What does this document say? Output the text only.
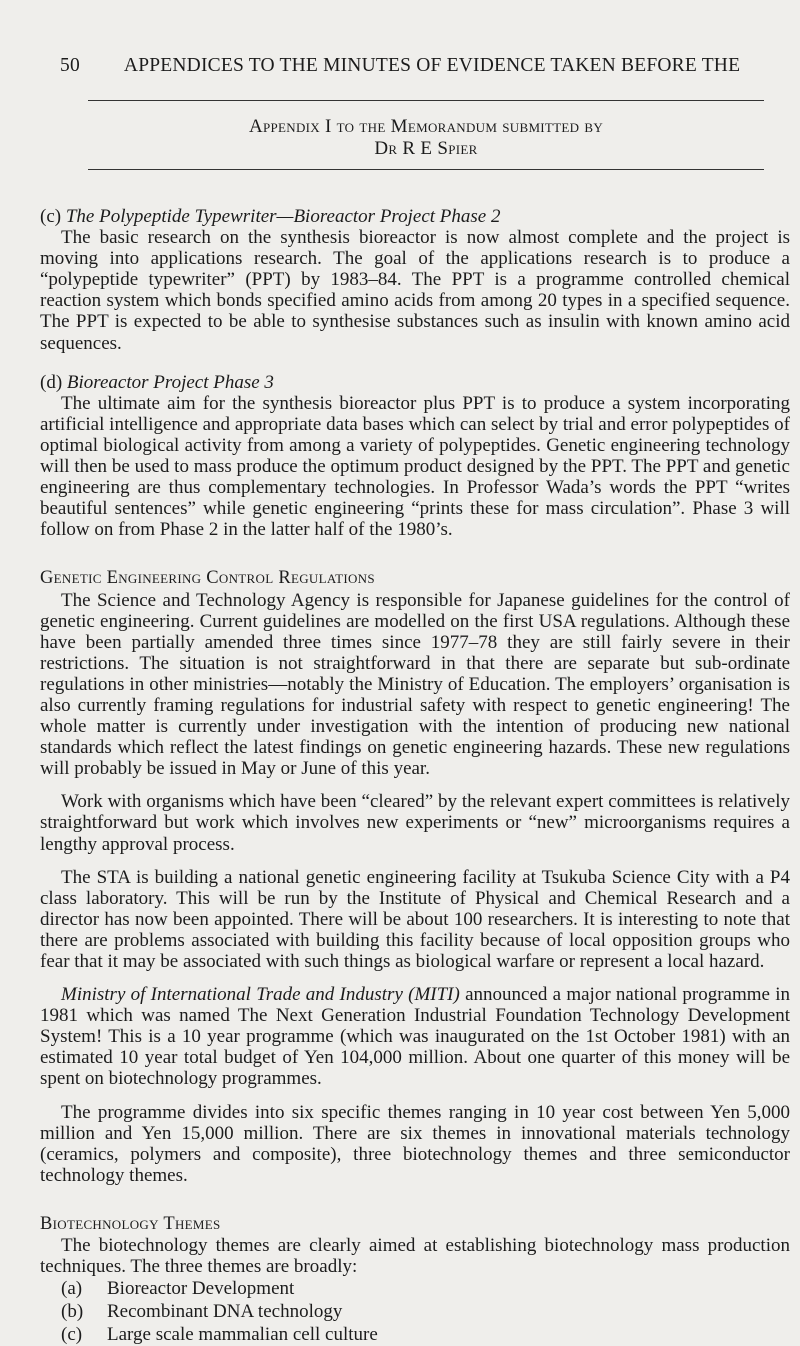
50 APPENDICES TO THE MINUTES OF EVIDENCE TAKEN BEFORE THE
Appendix I to the Memorandum submitted by
Dr R E Spier

(c) The Polypeptide Typewriter—Bioreactor Project Phase 2

The basic research on the synthesis bioreactor is now almost complete and the project is moving into applications research. The goal of the applications research is to produce a “polypeptide typewriter” (PPT) by 1983–84. The PPT is a programme controlled chemical reaction system which bonds specified amino acids from among 20 types in a specified sequence. The PPT is expected to be able to synthesise substances such as insulin with known amino acid sequences.

(d) Bioreactor Project Phase 3

The ultimate aim for the synthesis bioreactor plus PPT is to produce a system incorporating artificial intelligence and appropriate data bases which can select by trial and error polypeptides of optimal biological activity from among a variety of polypeptides. Genetic engineering technology will then be used to mass produce the optimum product designed by the PPT. The PPT and genetic engineering are thus complementary technologies. In Professor Wada’s words the PPT “writes beautiful sentences” while genetic engineering “prints these for mass circulation”. Phase 3 will follow on from Phase 2 in the latter half of the 1980’s.

Genetic Engineering Control Regulations

The Science and Technology Agency is responsible for Japanese guidelines for the control of genetic engineering. Current guidelines are modelled on the first USA regulations. Although these have been partially amended three times since 1977–78 they are still fairly severe in their restrictions. The situation is not straightforward in that there are separate but sub-ordinate regulations in other ministries—notably the Ministry of Education. The employers’ organisation is also currently framing regulations for industrial safety with respect to genetic engineering! The whole matter is currently under investigation with the intention of producing new national standards which reflect the latest findings on genetic engineering hazards. These new regulations will probably be issued in May or June of this year.

Work with organisms which have been “cleared” by the relevant expert committees is relatively straightforward but work which involves new experiments or “new” microorganisms requires a lengthy approval process.

The STA is building a national genetic engineering facility at Tsukuba Science City with a P4 class laboratory. This will be run by the Institute of Physical and Chemical Research and a director has now been appointed. There will be about 100 researchers. It is interesting to note that there are problems associated with building this facility because of local opposition groups who fear that it may be associated with such things as biological warfare or represent a local hazard.

Ministry of International Trade and Industry (MITI) announced a major national programme in 1981 which was named The Next Generation Industrial Foundation Technology Development System! This is a 10 year programme (which was inaugurated on the 1st October 1981) with an estimated 10 year total budget of Yen 104,000 million. About one quarter of this money will be spent on biotechnology programmes.

The programme divides into six specific themes ranging in 10 year cost between Yen 5,000 million and Yen 15,000 million. There are six themes in innovational materials technology (ceramics, polymers and composite), three biotechnology themes and three semiconductor technology themes.

Biotechnology Themes

The biotechnology themes are clearly aimed at establishing biotechnology mass production techniques. The three themes are broadly:

(a) Bioreactor Development
(b) Recombinant DNA technology
(c) Large scale mammalian cell culture
